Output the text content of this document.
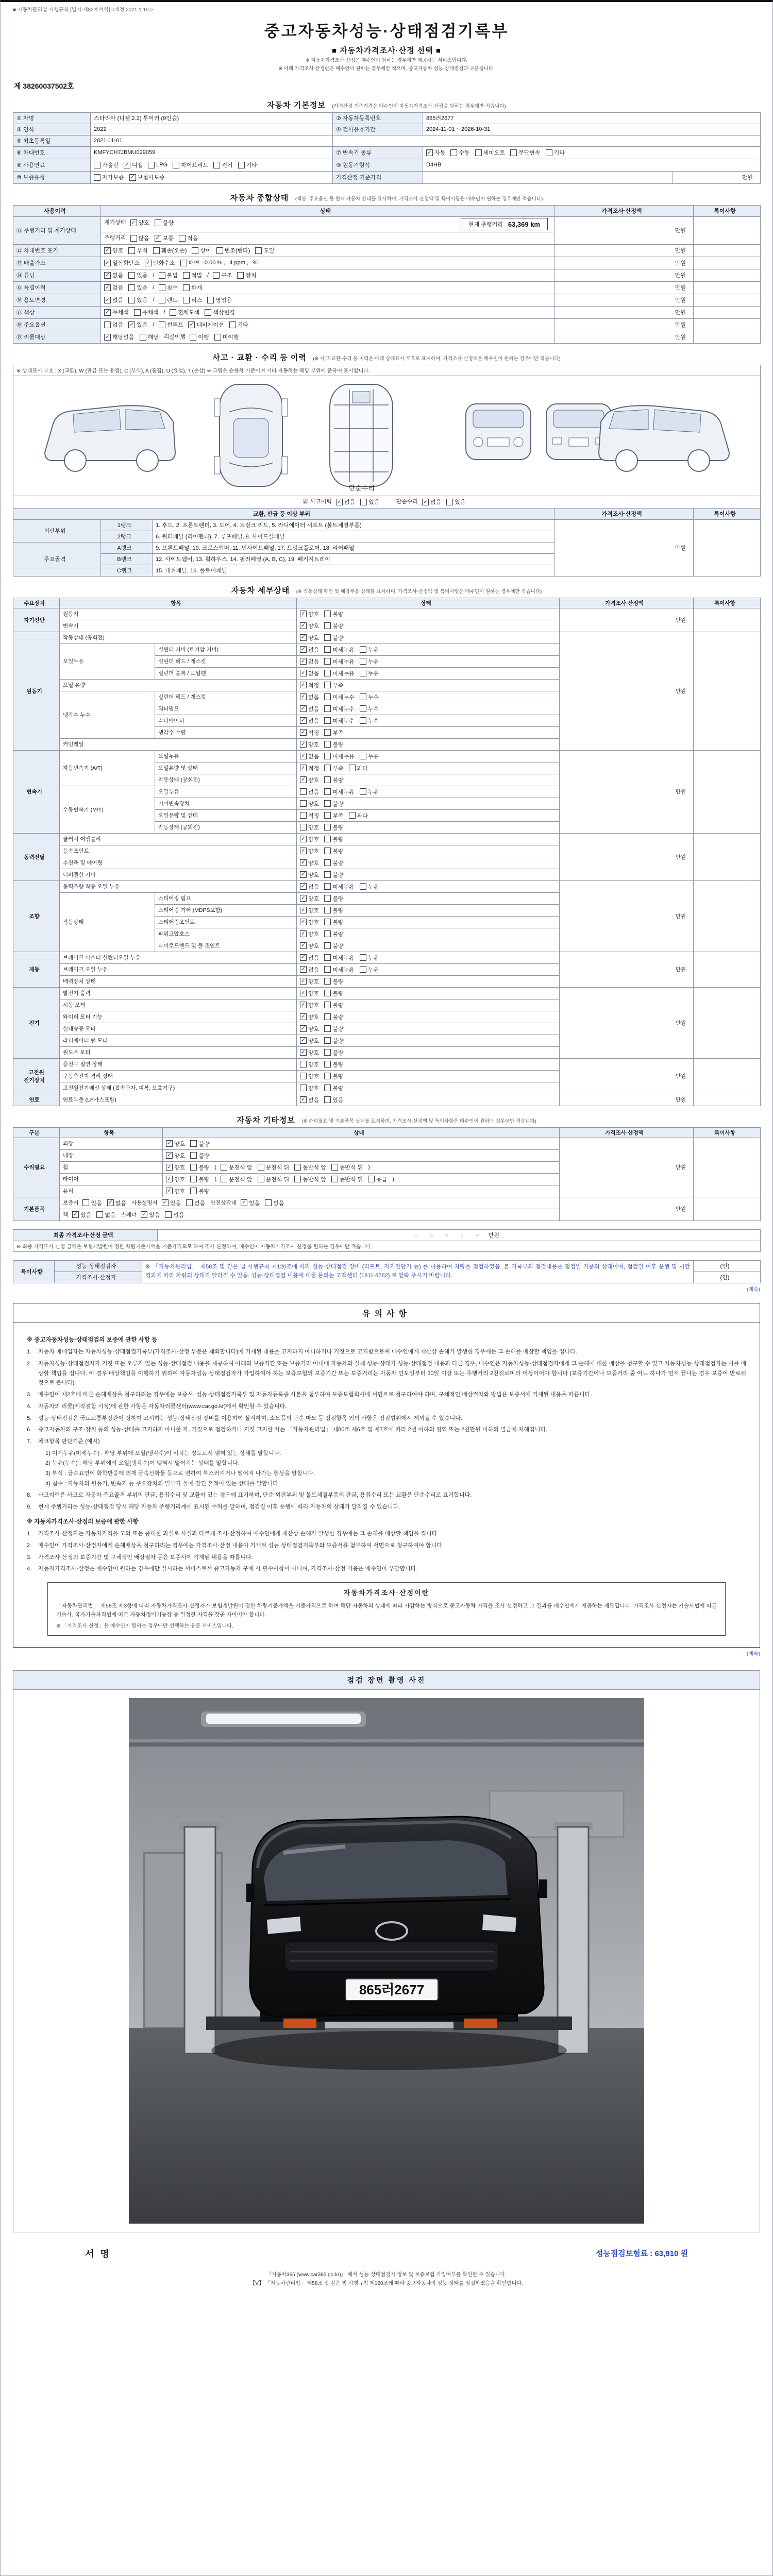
■ 자동차관리법 시행규칙 [별지 제82호서식] <개정 2021.1.19.>
중고자동차성능·상태점검기록부
■ 자동차가격조사·산정 선택 ■
※ 자동차가격조사·산정은 매수인이 원하는 경우에만 제공하는 서비스입니다.
※ 아래 가격조사·산정란은 매수인이 원하는 경우에만 적으며, 중고자동차 성능·상태점검과 구분됩니다.
제 38260037502호
자동차 기본정보 (가격산정 기준가격은 매수인이 자동차가격조사·산정을 원하는 경우에만 적습니다)
① 차명	스타리아 (디젤 2.2) 투어러 (9인승)	② 자동차등록번호	865러2677	
③ 연식	2022	④ 검사유효기간	2024-11-01 ~ 2026-10-31	
⑤ 최초등록일	2021-11-01			
⑥ 차대번호	KMFYCH7JBMU029059	⑦ 변속기 종류	✓ 자동 수동 세미오토 무단변속 기타

⑧ 사용연료	가솔린 ✓ 디젤 LPG 하이브리드 전기 기타	⑨ 원동기형식	D4HB
⑩ 보증유형	자가보증 ✓ 보험사보증	가격산정 기준가격		만원
자동차 종합상태 (색상, 주요옵션 등 현재 자동차 상태를 표시하며, 가격조사·산정액 및 특이사항은 매수인이 원하는 경우에만 적습니다)
사용이력	상태	가격조사·산정액	특이사항
⑪ 주행거리 및 계기상태	계기상태 ✓ 양호 불량	현재 주행거리 63,369 km
	만원	
	주행거리 많음 ✓ 보통 적음		

⑫ 차대번호 표기	✓ 양호 부식 훼손(오손) 상이 변조(변타) 도말	만원	
⑬ 배출가스	✓ 일산화탄소 ✓ 탄화수소 매연 0.00 % , 4 ppm , %	만원	
⑭ 튜닝	✓ 없음 있음 / 불법 적법 / 구조 장치	만원	
⑮ 특별이력	✓ 없음 있음 / 침수 화재	만원	
⑯ 용도변경	✓ 없음 있음 / 렌트 리스 영업용	만원	
⑰ 색상	✓ 무채색 유채색 / 전체도색 색상변경	만원	
⑱ 주요옵션	없음 ✓ 있음 / 썬루프 ✓ 네비게이션 기타	만원	
⑲ 리콜대상	✓ 해당없음 해당 리콜이행 이행 미이행	만원	
사고 · 교환 · 수리 등 이력 (※ 사고·교환·수리 등 이력은 아래 상태표시 부호로 표시하며, 가격조사·산정액은 매수인이 원하는 경우에만 적습니다)
※ 상태표시 부호 : X (교환), W (판금 또는 용접), C (부식), A (흠집), U (요철), T (손상) ※ 그림은 승용차 기준이며 기타 자동차는 해당 부위에 준하여 표시합니다.				

단순수리				

⑳ 사고이력 ✓ 없음 있음 　　단순수리 ✓ 없음 있음

교환, 판금 등 이상 부위			가격조사·산정액	특이사항
외판부위	1랭크	1. 후드, 2. 프론트펜더, 3. 도어, 4. 트렁크 리드, 5. 라디에이터 서포트 (볼트체결부품)	만원	
	2랭크	6. 쿼터패널 (리어펜더), 7. 루프패널, 8. 사이드실패널		
주요골격	A랭크	9. 프론트패널, 10. 크로스멤버, 11. 인사이드패널, 17. 트렁크플로어, 18. 리어패널		
	B랭크	12. 사이드멤버, 13. 휠하우스, 14. 필러패널 (A, B, C), 19. 패키지트레이		
	C랭크	15. 대쉬패널, 16. 플로어패널		
자동차 세부상태 (※ 작동상태 확인 및 해당부품 상태를 표시하며, 가격조사·산정액 및 특이사항은 매수인이 원하는 경우에만 적습니다)
주요장치	항목		상태	가격조사·산정액	특이사항
자기진단	원동기		✓ 양호 불량	만원	
	변속기		✓ 양호 불량		

원동기	작동상태 (공회전)		✓ 양호 불량	만원	
	오일누유	실린더 커버 (로커암 커버)	✓ 없음 미세누유 누유		

		실린더 헤드 / 개스킷	✓ 없음 미세누유 누유		

		실린더 블록 / 오일팬	✓ 없음 미세누유 누유		

	오일 유량		✓ 적정 부족		

	냉각수 누수	실린더 헤드 / 개스킷	✓ 없음 미세누수 누수		

		워터펌프	✓ 없음 미세누수 누수		

		라디에이터	✓ 없음 미세누수 누수		

		냉각수 수량	✓ 적정 부족		

	커먼레일		✓ 양호 불량		

변속기	자동변속기 (A/T)	오일누유	✓ 없음 미세누유 누유	만원	
		오일유량 및 상태	✓ 적정 부족 과다		

		작동상태 (공회전)	✓ 양호 불량		

	수동변속기 (M/T)	오일누유	없음 미세누유 누유		

		기어변속장치	양호 불량		

		오일유량 및 상태	적정 부족 과다		

		작동상태 (공회전)	양호 불량		

동력전달	클러치 어셈블리		✓ 양호 불량	만원	
	등속조인트		✓ 양호 불량		

	추진축 및 베어링		✓ 양호 불량		

	디퍼렌셜 기어		✓ 양호 불량		

조향	동력조향 작동 오일 누유		✓ 없음 미세누유 누유	만원	
	작동상태	스티어링 펌프	✓ 양호 불량		

		스티어링 기어 (MDPS포함)	✓ 양호 불량		

		스티어링조인트	✓ 양호 불량		

		파워고압호스	✓ 양호 불량		

		타이로드엔드 및 볼 조인트	✓ 양호 불량		

제동	브레이크 마스터 실린더오일 누유		✓ 없음 미세누유 누유	만원	
	브레이크 오일 누유		✓ 없음 미세누유 누유		

	배력장치 상태		✓ 양호 불량		

전기	발전기 출력		✓ 양호 불량	만원	
	시동 모터		✓ 양호 불량		

	와이퍼 모터 기능		✓ 양호 불량		

	실내송풍 모터		✓ 양호 불량		

	라디에이터 팬 모터		✓ 양호 불량		

	윈도우 모터		✓ 양호 불량		

고전원 전기장치	충전구 절연 상태		양호 불량	만원	
	구동축전지 격리 상태		양호 불량		

	고전원전기배선 상태 (접속단자, 피복, 보호기구)		양호 불량		

연료	연료누출 (LP가스포함)		✓ 없음 있음	만원	
자동차 기타정보 (※ 수리필요 및 기본품목 상태를 표시하며, 가격조사·산정액 및 특이사항은 매수인이 원하는 경우에만 적습니다)
구분	항목	상태	가격조사·산정액	특이사항
수리필요	외장	✓ 양호 불량	만원	
	내장	✓ 양호 불량		

휠	✓ 양호 불량 ( 운전석 앞 운전석 뒤 동반석 앞 동반석 뒤 )
타이어	✓ 양호 불량 ( 운전석 앞 운전석 뒤 동반석 앞 동반석 뒤 응급 )
	유리	✓ 양호 불량		

기본품목	보증서 있음 ✓ 없음 사용설명서 ✓ 있음 없음 안전삼각대 ✓ 있음 없음
	만원	
잭 ✓ 있음 없음 스패너 ✓ 있음 없음
최종 가격조사·산정 금액	○ ○ ○ ○ ○ 만원
※ 최종 가격조사·산정 금액은 보험개발원이 정한 차량기준가액을 기준가격으로 하여 조사·산정하며, 매수인이 자동차가격조사·산정을 원하는 경우에만 적습니다.
특이사항	성능·상태점검자	※ 「자동차관리법」 제58조 및 같은 법 시행규칙 제120조에 따라 성능·상태점검 장비 (리프트, 자기진단기 등) 를 이용하여 차량을 점검하였음. 본 기록부의 점검내용은 점검일 기준의 상태이며, 점검일 이후 운행 및 시간 경과에 따라 차량의 상태가 달라질 수 있음. 성능·상태점검 내용에 대한 문의는 고객센터 (1811-8782) 로 연락 주시기 바랍니다.	(인)
	가격조사·산정자		(인)
(계속)
유의사항
※ 중고자동차성능·상태점검의 보증에 관한 사항 등
1.	자동차 매매업자는 자동차성능·상태점검기록부(가격조사·산정 부분은 제외합니다)에 기재된 내용을 고지하지 아니하거나 거짓으로 고지함으로써 매수인에게 재산상 손해가 발생한 경우에는 그 손해를 배상할 책임을 집니다.
2.	자동차성능·상태점검자가 거짓 또는 오류가 있는 성능·상태점검 내용을 제공하여 아래의 보증기간 또는 보증거리 이내에 자동차의 실제 성능·상태가 성능·상태점검 내용과 다른 경우, 매수인은 자동차성능·상태점검자에게 그 손해에 대한 배상을 청구할 수 있고 자동차성능·상태점검자는 이를 배상할 책임을 집니다. 이 경우 배상책임을 이행하기 위하여 자동차성능·상태점검자가 가입하여야 하는 보증보험의 보증기간 또는 보증거리는 자동차 인도일부터 30일 이상 또는 주행거리 2천킬로미터 이상이어야 합니다 (보증기간이나 보증거리 중 어느 하나가 먼저 끝나는 경우 보증이 만료된 것으로 봅니다).
3.	매수인이 제2호에 따른 손해배상을 청구하려는 경우에는 보증서, 성능·상태점검기록부 및 자동차등록증 사본을 첨부하여 보증보험회사에 서면으로 청구하여야 하며, 구체적인 배상절차와 방법은 보증서에 기재된 내용을 따릅니다.
4.	자동차의 리콜(제작결함 시정)에 관한 사항은 자동차리콜센터(www.car.go.kr)에서 확인할 수 있습니다.
5.	성능·상태점검은 국토교통부장관이 정하여 고시하는 성능·상태점검 장비를 이용하여 실시하며, 소모품의 단순 마모 등 점검항목 외의 사항은 점검범위에서 제외될 수 있습니다.
6.	중고자동차의 구조·장치 등의 성능·상태를 고지하지 아니한 자, 거짓으로 점검하거나 거짓 고지한 자는 「자동차관리법」 제80조 제6호 및 제7호에 따라 2년 이하의 징역 또는 2천만원 이하의 벌금에 처해집니다.
7.	체크항목 판단기준 (예시)
1) 미세누유(미세누수) : 해당 부위에 오일(냉각수)이 비치는 정도로서 맺혀 있는 상태를 말합니다.
2) 누유(누수) : 해당 부위에서 오일(냉각수)이 맺혀서 떨어지는 상태를 말합니다.
3) 부식 : 금속표면이 화학반응에 의해 금속산화물 등으로 변하여 부스러지거나 떨어져 나가는 현상을 말합니다.
4) 침수 : 자동차의 원동기, 변속기 등 주요장치의 일부가 물에 잠긴 흔적이 있는 상태를 말합니다.
8.	사고이력은 사고로 자동차 주요골격 부위의 판금, 용접수리 및 교환이 있는 경우에 표기하며, 단순 외판부위 및 볼트체결부품의 판금, 용접수리 또는 교환은 단순수리로 표기합니다.
9.	현재 주행거리는 성능·상태점검 당시 해당 자동차 주행거리계에 표시된 수치를 말하며, 점검일 이후 운행에 따라 자동차의 상태가 달라질 수 있습니다.
※ 자동차가격조사·산정의 보증에 관한 사항
1.	가격조사·산정자는 자동차가격을 고의 또는 중대한 과실로 사실과 다르게 조사·산정하여 매수인에게 재산상 손해가 발생한 경우에는 그 손해를 배상할 책임을 집니다.
2.	매수인이 가격조사·산정자에게 손해배상을 청구하려는 경우에는 가격조사·산정 내용이 기재된 성능·상태점검기록부와 보증서를 첨부하여 서면으로 청구하여야 합니다.
3.	가격조사·산정의 보증기간 및 구체적인 배상절차 등은 보증서에 기재된 내용을 따릅니다.
4.	자동차가격조사·산정은 매수인이 원하는 경우에만 실시하는 서비스로서 중고자동차 구매 시 필수사항이 아니며, 가격조사·산정 비용은 매수인이 부담합니다.
자동차가격조사·산정이란
「자동차관리법」 제58조 제3항에 따라 자동차가격조사·산정자가 보험개발원이 정한 차량기준가액을 기준가격으로 하여 해당 자동차의 상태에 따라 가감하는 방식으로 중고자동차 가격을 조사·산정하고 그 결과를 매수인에게 제공하는 제도입니다. 가격조사·산정자는 기술사법에 따른 기술사, 국가기술자격법에 따른 자동차정비기능장 등 일정한 자격을 갖춘 자이어야 합니다.
※ 「가격조사·산정」은 매수인이 원하는 경우에만 선택하는 유료 서비스입니다.
(계속)
점검 장면 촬영 사진
865러2677
서명	성능점검보험료 : 63,910 원
『자동차365 (www.car365.go.kr)』 에서 성능·상태점검자 정보 및 보증보험 가입여부를 확인할 수 있습니다.
【Ⅴ】 「자동차관리법」 제58조 및 같은 법 시행규칙 제120조에 따라 중고자동차의 성능·상태를 점검하였음을 확인합니다.
